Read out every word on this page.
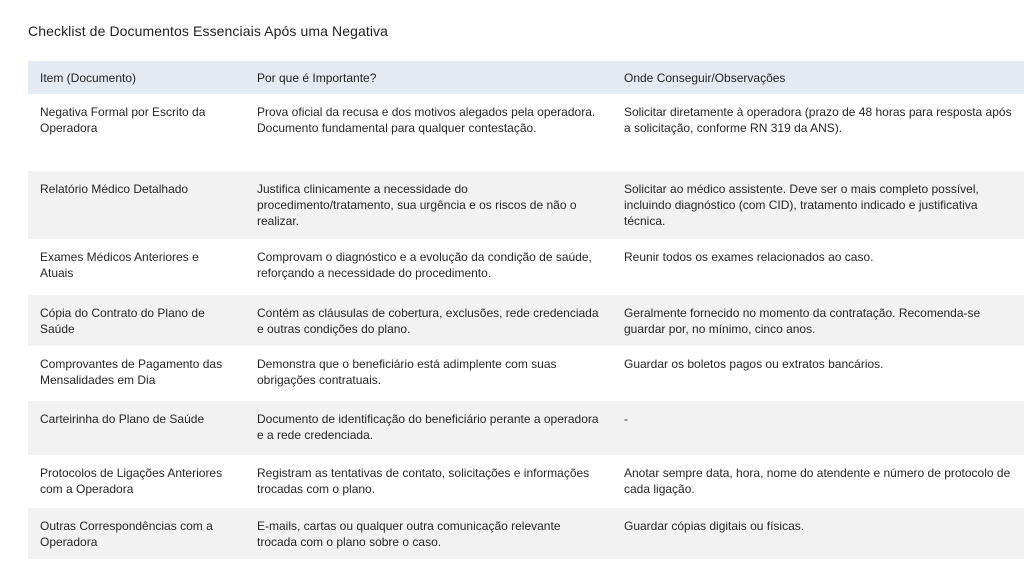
Checklist de Documentos Essenciais Após uma Negativa
Item (Documento)	Por que é Importante?	Onde Conseguir/Observações
Negativa Formal por Escrito da Operadora	Prova oficial da recusa e dos motivos alegados pela operadora. Documento fundamental para qualquer contestação.	Solicitar diretamente à operadora (prazo de 48 horas para resposta após a solicitação, conforme RN 319 da ANS).
Relatório Médico Detalhado	Justifica clinicamente a necessidade do procedimento/tratamento, sua urgência e os riscos de não o realizar.	Solicitar ao médico assistente. Deve ser o mais completo possível, incluindo diagnóstico (com CID), tratamento indicado e justificativa técnica.
Exames Médicos Anteriores e Atuais	Comprovam o diagnóstico e a evolução da condição de saúde, reforçando a necessidade do procedimento.	Reunir todos os exames relacionados ao caso.
Cópia do Contrato do Plano de Saúde	Contém as cláusulas de cobertura, exclusões, rede credenciada e outras condições do plano.	Geralmente fornecido no momento da contratação. Recomenda-se guardar por, no mínimo, cinco anos.
Comprovantes de Pagamento das Mensalidades em Dia	Demonstra que o beneficiário está adimplente com suas obrigações contratuais.	Guardar os boletos pagos ou extratos bancários.
Carteirinha do Plano de Saúde	Documento de identificação do beneficiário perante a operadora e a rede credenciada.	-
Protocolos de Ligações Anteriores com a Operadora	Registram as tentativas de contato, solicitações e informações trocadas com o plano.	Anotar sempre data, hora, nome do atendente e número de protocolo de cada ligação.
Outras Correspondências com a Operadora	E-mails, cartas ou qualquer outra comunicação relevante trocada com o plano sobre o caso.	Guardar cópias digitais ou físicas.
